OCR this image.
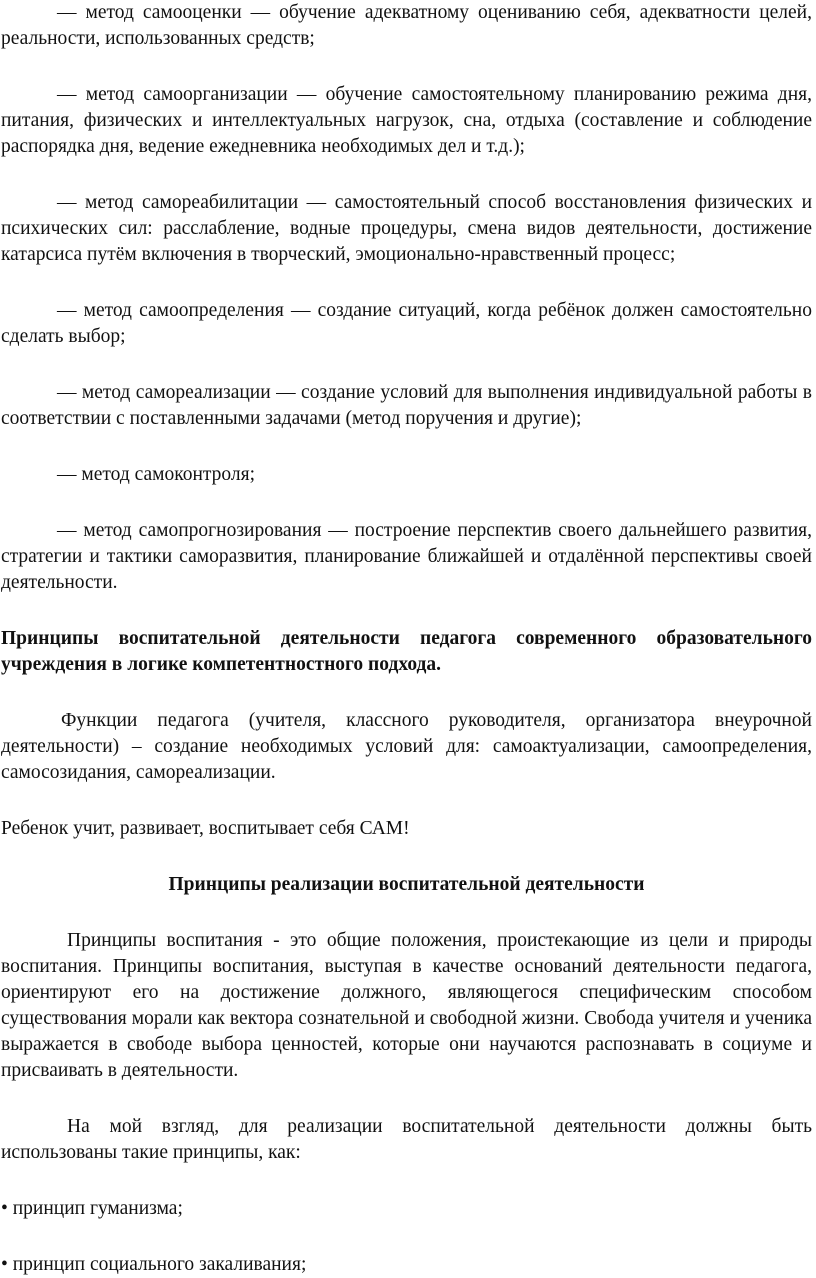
— метод самооценки — обучение адекватному оцениванию себя, адекватности целей, реальности, использованных средств;

— метод самоорганизации — обучение самостоятельному планированию режима дня, питания, физических и интеллектуальных нагрузок, сна, отдыха (составление и соблюдение распорядка дня, ведение ежедневника необходимых дел и т.д.);

— метод самореабилитации — самостоятельный способ восстановления физических и психических сил: расслабление, водные процедуры, смена видов деятельности, достижение катарсиса путём включения в творческий, эмоционально-нравственный процесс;

— метод самоопределения — создание ситуаций, когда ребёнок должен самостоятельно сделать выбор;

— метод самореализации — создание условий для выполнения индивидуальной работы в соответствии с поставленными задачами (метод поручения и другие);

— метод самоконтроля;

— метод самопрогнозирования — построение перспектив своего дальнейшего развития, стратегии и тактики саморазвития, планирование ближайшей и отдалённой перспективы своей деятельности.

Принципы воспитательной деятельности педагога современного образовательного учреждения в логике компетентностного подхода.

Функции педагога (учителя, классного руководителя, организатора внеурочной деятельности) – создание необходимых условий для: самоактуализации, самоопределения, самосозидания, самореализации.

Ребенок учит, развивает, воспитывает себя САМ!

Принципы реализации воспитательной деятельности

Принципы воспитания - это общие положения, проистекающие из цели и природы воспитания. Принципы воспитания, выступая в качестве оснований деятельности педагога, ориентируют его на достижение должного, являющегося специфическим способом существования морали как вектора сознательной и свободной жизни. Свобода учителя и ученика выражается в свободе выбора ценностей, которые они научаются распознавать в социуме и присваивать в деятельности.

На мой взгляд, для реализации воспитательной деятельности должны быть использованы такие принципы, как:

• принцип гуманизма;

• принцип социального закаливания;
